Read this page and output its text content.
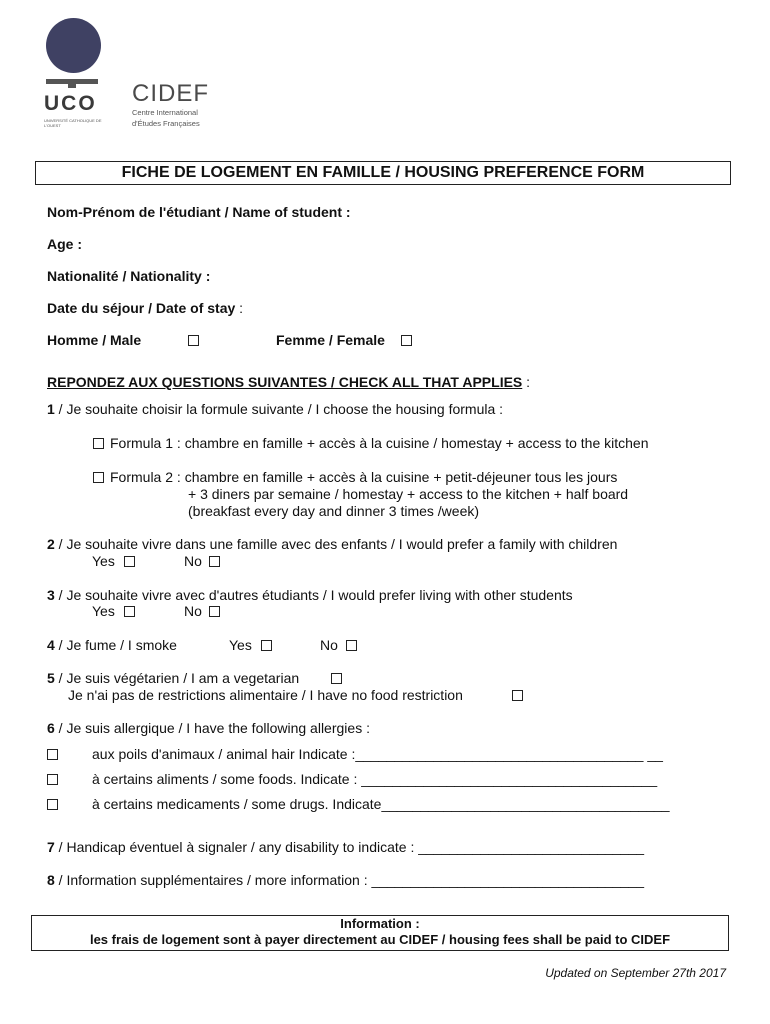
UCO
UNIVERSITÉ CATHOLIQUE DE L'OUEST
CIDEF
Centre International
d'Études Françaises
FICHE DE LOGEMENT EN FAMILLE / HOUSING PREFERENCE FORM
Nom-Prénom de l'étudiant / Name of student :
Age :
Nationalité / Nationality :
Date du séjour / Date of stay :
Homme / Male	Femme / Female
REPONDEZ AUX QUESTIONS SUIVANTES / CHECK ALL THAT APPLIES :
1 / Je souhaite choisir la formule suivante / I choose the housing formula :
Formula 1 : chambre en famille + accès à la cuisine / homestay + access to the kitchen
Formula 2 : chambre en famille + accès à la cuisine + petit-déjeuner tous les jours
+ 3 diners par semaine / homestay + access to the kitchen + half board
(breakfast every day and dinner 3 times /week)
2 / Je souhaite vivre dans une famille avec des enfants / I would prefer a family with children
Yes	No
3 / Je souhaite vivre avec d'autres étudiants / I would prefer living with other students
Yes	No
4 / Je fume / I smoke	Yes	No
5 / Je suis végétarien / I am a vegetarian
Je n'ai pas de restrictions alimentaire / I have no food restriction
6 / Je suis allergique / I have the following allergies :
aux poils d'animaux / animal hair Indicate :_____________________________________ __
à certains aliments / some foods. Indicate : ______________________________________
à certains medicaments / some drugs. Indicate_____________________________________
7 / Handicap éventuel à signaler / any disability to indicate : _____________________________
8 / Information supplémentaires / more information : ___________________________________
Information :
les frais de logement sont à payer directement au CIDEF / housing fees shall be paid to CIDEF
Updated on September 27th 2017
